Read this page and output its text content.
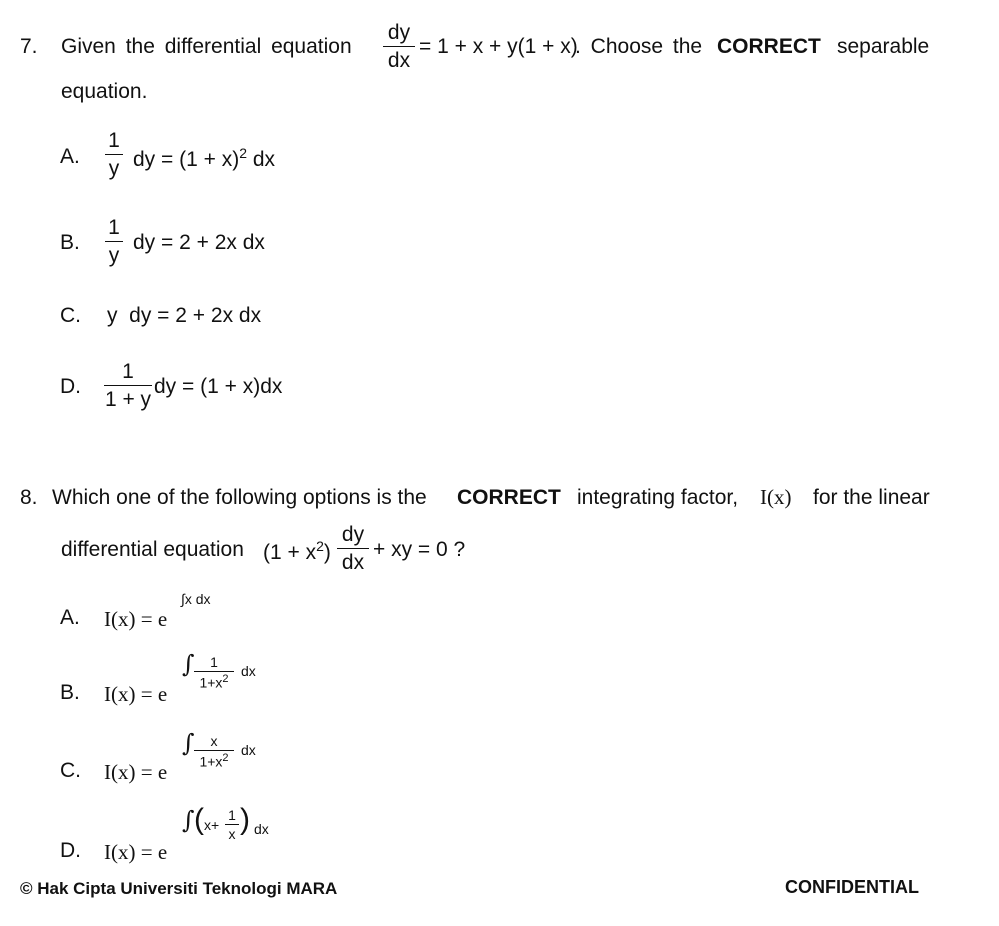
7. Given the differential equation $\frac{dy}{dx} = 1 + x + y(1 + x)$
. Choose the CORRECT separable
equation.
A. $\frac{1}{y}$ dy = $(1 + x)^2$ dx
B. $\frac{1}{y}$ dy = 2 + 2x dx
C. y  dy = 2 + 2x dx
D. $\frac{1}{1 + y}$ dy = (1 + x)dx
8. Which one of the following options is the CORRECT integrating factor, I(x) for the linear
differential equation $(1 + x^2) \frac{dy}{dx}$ + xy = 0 ?
A. I(x) = e
∫x dx
B. I(x) = e
∫ $\frac{1}{1+x^2}$ dx
C. I(x) = e
∫ $\frac{x}{1+x^2}$ dx
D. I(x) = e
∫ ( $x+ \frac{1}{x}$ ) dx
© Hak Cipta Universiti Teknologi MARA	CONFIDENTIAL
